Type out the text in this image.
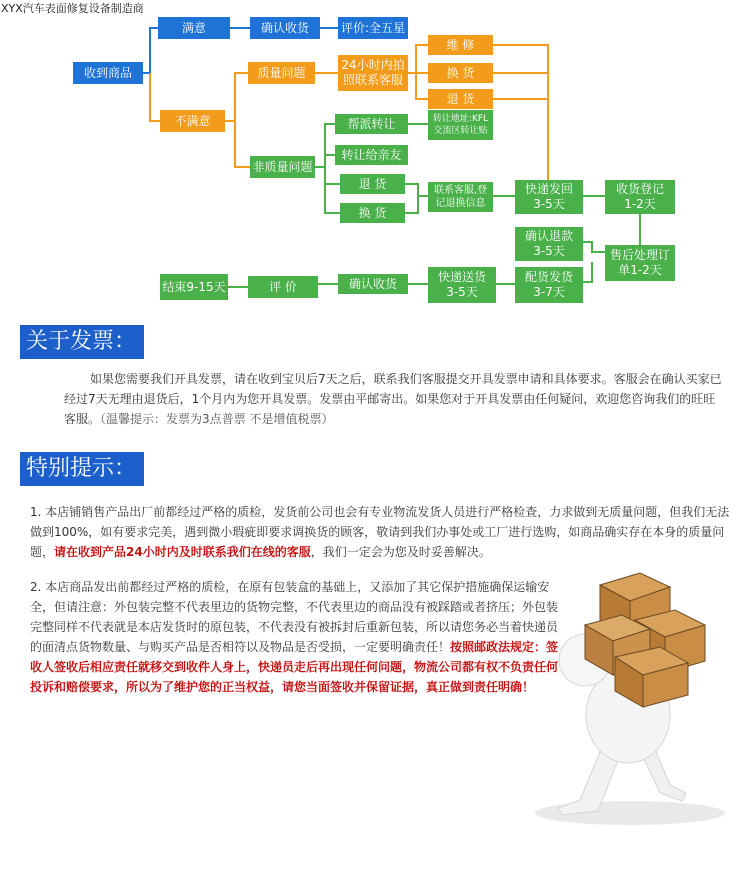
XYX汽车表面修复设备制造商
收到商品
满意	确认收货	评价:全五星
不满意
质量问题
24小时内拍
照联系客服
维 修
换 货
退 货
非质量问题
帮派转让
转让给亲友
退 货
换 货
转让地址:KFL
交流区转让贴
联系客服,登
记退换信息
快递发回
3-5天
收货登记
1-2天
确认退款
3-5天	售后处理订
单1-2天
配货发货
3-7天
快递送货
3-5天
确认收货
评 价
结束9-15天
关于发票：
如果您需要我们开具发票，请在收到宝贝后7天之后，联系我们客服提交开具发票申请和具体要求。客服会在确认买家已经过7天无理由退货后，1个月内为您开具发票。发票由平邮寄出。如果您对于开具发票由任何疑问，欢迎您咨询我们的旺旺客服。（温馨提示：发票为3点普票 不是增值税票）
特别提示：
1. 本店铺销售产品出厂前都经过严格的质检，发货前公司也会有专业物流发货人员进行严格检查，力求做到无质量问题，但我们无法做到100%，如有要求完美，遇到微小瑕疵即要求调换货的顾客，敬请到我们办事处或工厂进行选购，如商品确实存在本身的质量问题，请在收到产品24小时内及时联系我们在线的客服，我们一定会为您及时妥善解决。
2. 本店商品发出前都经过严格的质检，在原有包装盒的基础上，又添加了其它保护措施确保运输安全，但请注意：外包装完整不代表里边的货物完整，不代表里边的商品没有被踩踏或者挤压；外包装完整同样不代表就是本店发货时的原包装，不代表没有被拆封后重新包装，所以请您务必当着快递员的面清点货物数量、与购买产品是否相符以及物品是否受损，一定要明确责任！按照邮政法规定：签收人签收后相应责任就移交到收件人身上，快递员走后再出现任何问题，物流公司都有权不负责任何投诉和赔偿要求，所以为了维护您的正当权益，请您当面签收并保留证据，真正做到责任明确！
